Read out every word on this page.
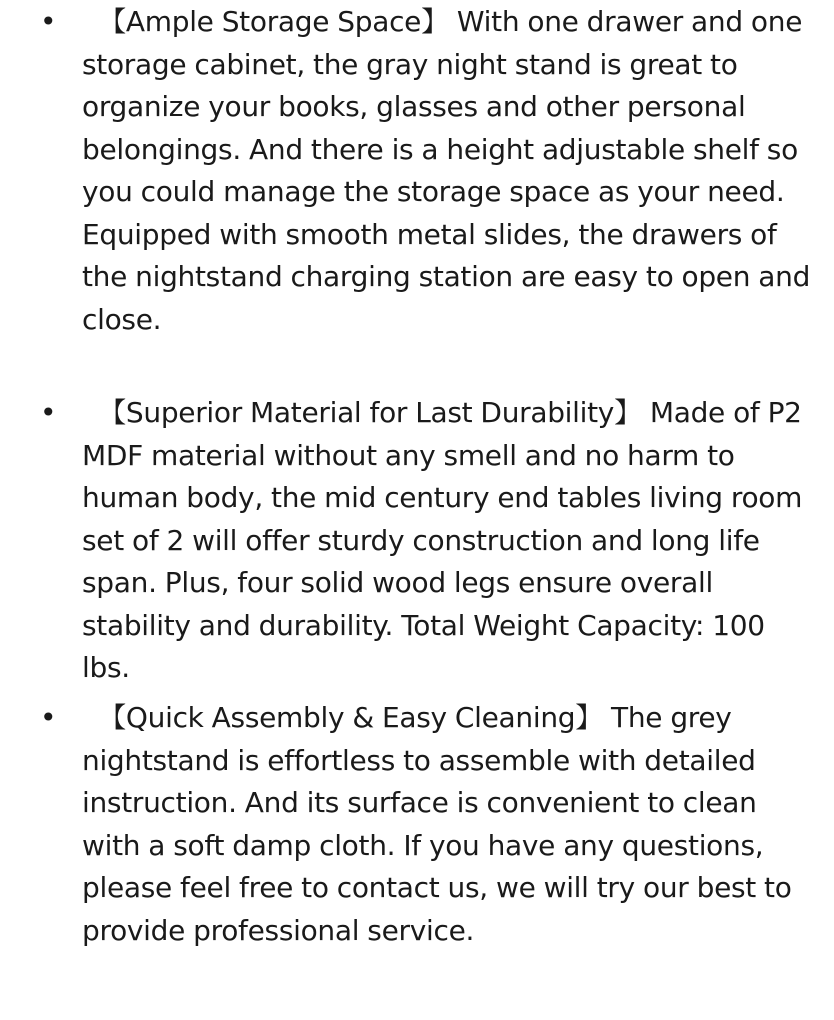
• 【Ample Storage Space】 With one drawer and one storage cabinet, the gray night stand is great to organize your books, glasses and other personal belongings. And there is a height adjustable shelf so you could manage the storage space as your need. Equipped with smooth metal slides, the drawers of the nightstand charging station are easy to open and close.
• 【Superior Material for Last Durability】 Made of P2 MDF material without any smell and no harm to human body, the mid century end tables living room set of 2 will offer sturdy construction and long life span. Plus, four solid wood legs ensure overall stability and durability. Total Weight Capacity: 100 lbs.
• 【Quick Assembly & Easy Cleaning】 The grey nightstand is effortless to assemble with detailed instruction. And its surface is convenient to clean with a soft damp cloth. If you have any questions, please feel free to contact us, we will try our best to provide professional service.
